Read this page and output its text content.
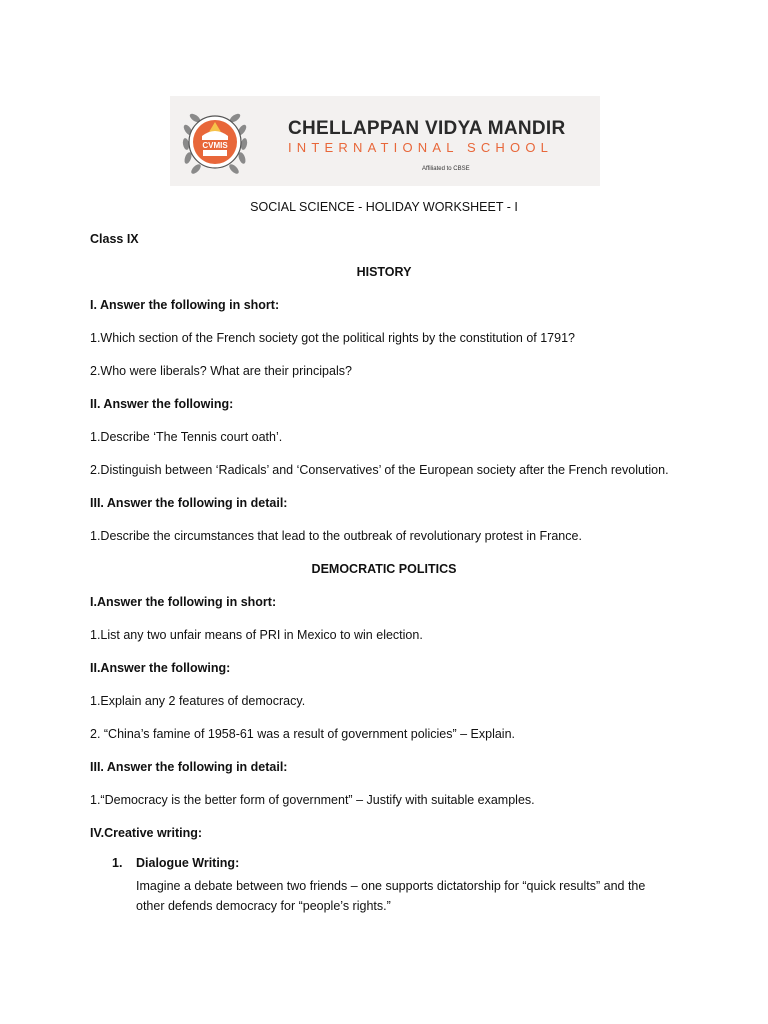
CVMIS
CHELLAPPAN VIDYA MANDIR
INTERNATIONAL SCHOOL
Affiliated to CBSE
SOCIAL SCIENCE - HOLIDAY WORKSHEET - I
Class IX
HISTORY
I. Answer the following in short:
1.Which section of the French society got the political rights by the constitution of 1791?
2.Who were liberals? What are their principals?
II. Answer the following:
1.Describe ‘The Tennis court oath’.
2.Distinguish between ‘Radicals’ and ‘Conservatives’ of the European society after the French revolution.
III. Answer the following in detail:
1.Describe the circumstances that lead to the outbreak of revolutionary protest in France.
DEMOCRATIC POLITICS
I.Answer the following in short:
1.List any two unfair means of PRI in Mexico to win election.
II.Answer the following:
1.Explain any 2 features of democracy.
2. “China’s famine of 1958-61 was a result of government policies” – Explain.
III. Answer the following in detail:
1.“Democracy is the better form of government” – Justify with suitable examples.
IV.Creative writing:
1. Dialogue Writing:
Imagine a debate between two friends – one supports dictatorship for “quick results” and the other defends democracy for “people’s rights.”
